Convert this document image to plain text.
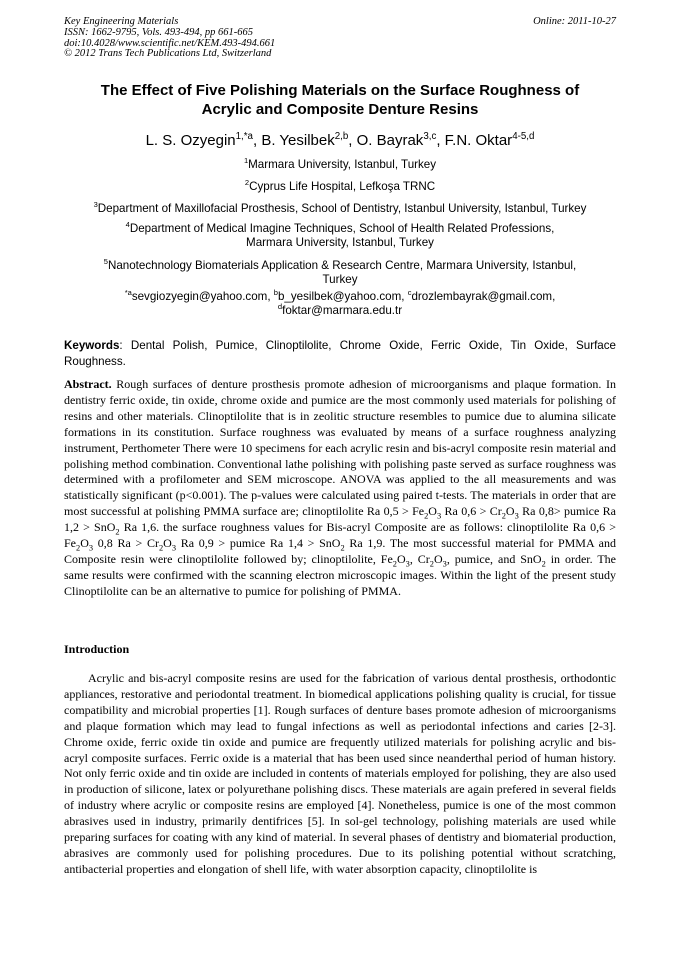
Key Engineering Materials
ISSN: 1662-9795, Vols. 493-494, pp 661-665
doi:10.4028/www.scientific.net/KEM.493-494.661
© 2012 Trans Tech Publications Ltd, Switzerland
Online: 2011-10-27
The Effect of Five Polishing Materials on the Surface Roughness of
Acrylic and Composite Denture Resins
L. S. Ozyegin$^{1,*a}$, B. Yesilbek$^{2,b}$, O. Bayrak$^{3,c}$, F.N. Oktar$^{4-5,d}$
$^1$Marmara University, Istanbul, Turkey
$^2$Cyprus Life Hospital, Lefkoşa TRNC
$^3$Department of Maxillofacial Prosthesis, School of Dentistry, Istanbul University, Istanbul, Turkey
$^4$Department of Medical Imagine Techniques, School of Health Related Professions,
Marmara University, Istanbul, Turkey
$^5$Nanotechnology Biomaterials Application & Research Centre, Marmara University, Istanbul,
Turkey
$^{*a}$sevgiozyegin@yahoo.com, $^b$b_yesilbek@yahoo.com, $^c$drozlembayrak@gmail.com,
$^d$foktar@marmara.edu.tr
Keywords: Dental Polish, Pumice, Clinoptilolite, Chrome Oxide, Ferric Oxide, Tin Oxide, Surface Roughness.
Abstract. Rough surfaces of denture prosthesis promote adhesion of microorganisms and plaque formation. In dentistry ferric oxide, tin oxide, chrome oxide and pumice are the most commonly used materials for polishing of resins and other materials. Clinoptilolite that is in zeolitic structure resembles to pumice due to alumina silicate formations in its constitution. Surface roughness was evaluated by means of a surface roughness analyzing instrument, Perthometer There were 10 specimens for each acrylic resin and bis-acryl composite resin material and polishing method combination. Conventional lathe polishing with polishing paste served as surface roughness was determined with a profilometer and SEM microscope. ANOVA was applied to the all measurements and was statistically significant (p<0.001). The p-values were calculated using paired t-tests. The materials in order that are most successful at polishing PMMA surface are; clinoptilolite Ra $0,5 > Fe_2O_3$ Ra $0,6 > Cr_2O_3$ Ra 0,8> pumice Ra 1,2 > SnO$_2$ Ra 1,6. the surface roughness values for Bis-acryl Composite are as follows: clinoptilolite Ra $0,6 > Fe_2O_3$ 0,8 $Ra > Cr_2O_3$ Ra 0,9 > pumice Ra 1,4 > SnO$_2$ Ra 1,9. The most successful material for PMMA and Composite resin were clinoptilolite followed by; clinoptilolite, $Fe_2O_3$, $Cr_2O_3$, pumice, and SnO$_2$ in order. The same results were confirmed with the scanning electron microscopic images. Within the light of the present study Clinoptilolite can be an alternative to pumice for polishing of PMMA.
Introduction
Acrylic and bis-acryl composite resins are used for the fabrication of various dental prosthesis, orthodontic appliances, restorative and periodontal treatment. In biomedical applications polishing quality is crucial, for tissue compatibility and microbial properties [1]. Rough surfaces of denture bases promote adhesion of microorganisms and plaque formation which may lead to fungal infections as well as periodontal infections and caries [2-3]. Chrome oxide, ferric oxide tin oxide and pumice are frequently utilized materials for polishing acrylic and bis-acryl composite surfaces. Ferric oxide is a material that has been used since neanderthal period of human history. Not only ferric oxide and tin oxide are included in contents of materials employed for polishing, they are also used in production of silicone, latex or polyurethane polishing discs. These materials are again prefered in several fields of industry where acrylic or composite resins are employed [4]. Nonetheless, pumice is one of the most common abrasives used in industry, primarily dentifrices [5]. In sol-gel technology, polishing materials are used while preparing surfaces for coating with any kind of material. In several phases of dentistry and biomaterial production, abrasives are commonly used for polishing procedures. Due to its polishing potential without scratching, antibacterial properties and elongation of shell life, with water absorption capacity, clinoptilolite is
